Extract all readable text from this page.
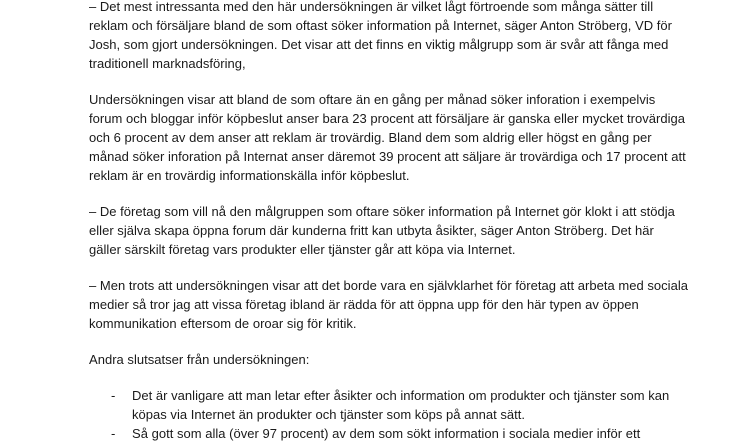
– Det mest intressanta med den här undersökningen är vilket lågt förtroende som många sätter till reklam och försäljare bland de som oftast söker information på Internet, säger Anton Ströberg, VD för Josh, som gjort undersökningen. Det visar att det finns en viktig målgrupp som är svår att fånga med traditionell marknadsföring,

Undersökningen visar att bland de som oftare än en gång per månad söker inforation i exempelvis forum och bloggar inför köpbeslut anser bara 23 procent att försäljare är ganska eller mycket trovärdiga och 6 procent av dem anser att reklam är trovärdig. Bland dem som aldrig eller högst en gång per månad söker inforation på Internat anser däremot 39 procent att säljare är trovärdiga och 17 procent att reklam är en trovärdig informationskälla inför köpbeslut.

– De företag som vill nå den målgruppen som oftare söker information på Internet gör klokt i att stödja eller själva skapa öppna forum där kunderna fritt kan utbyta åsikter, säger Anton Ströberg. Det här gäller särskilt företag vars produkter eller tjänster går att köpa via Internet.

– Men trots att undersökningen visar att det borde vara en självklarhet för företag att arbeta med sociala medier så tror jag att vissa företag ibland är rädda för att öppna upp för den här typen av öppen kommunikation eftersom de oroar sig för kritik.

Andra slutsatser från undersökningen:

- Det är vanligare att man letar efter åsikter och information om produkter och tjänster som kan köpas via Internet än produkter och tjänster som köps på annat sätt.
- Så gott som alla (över 97 procent) av dem som sökt information i sociala medier inför ett
